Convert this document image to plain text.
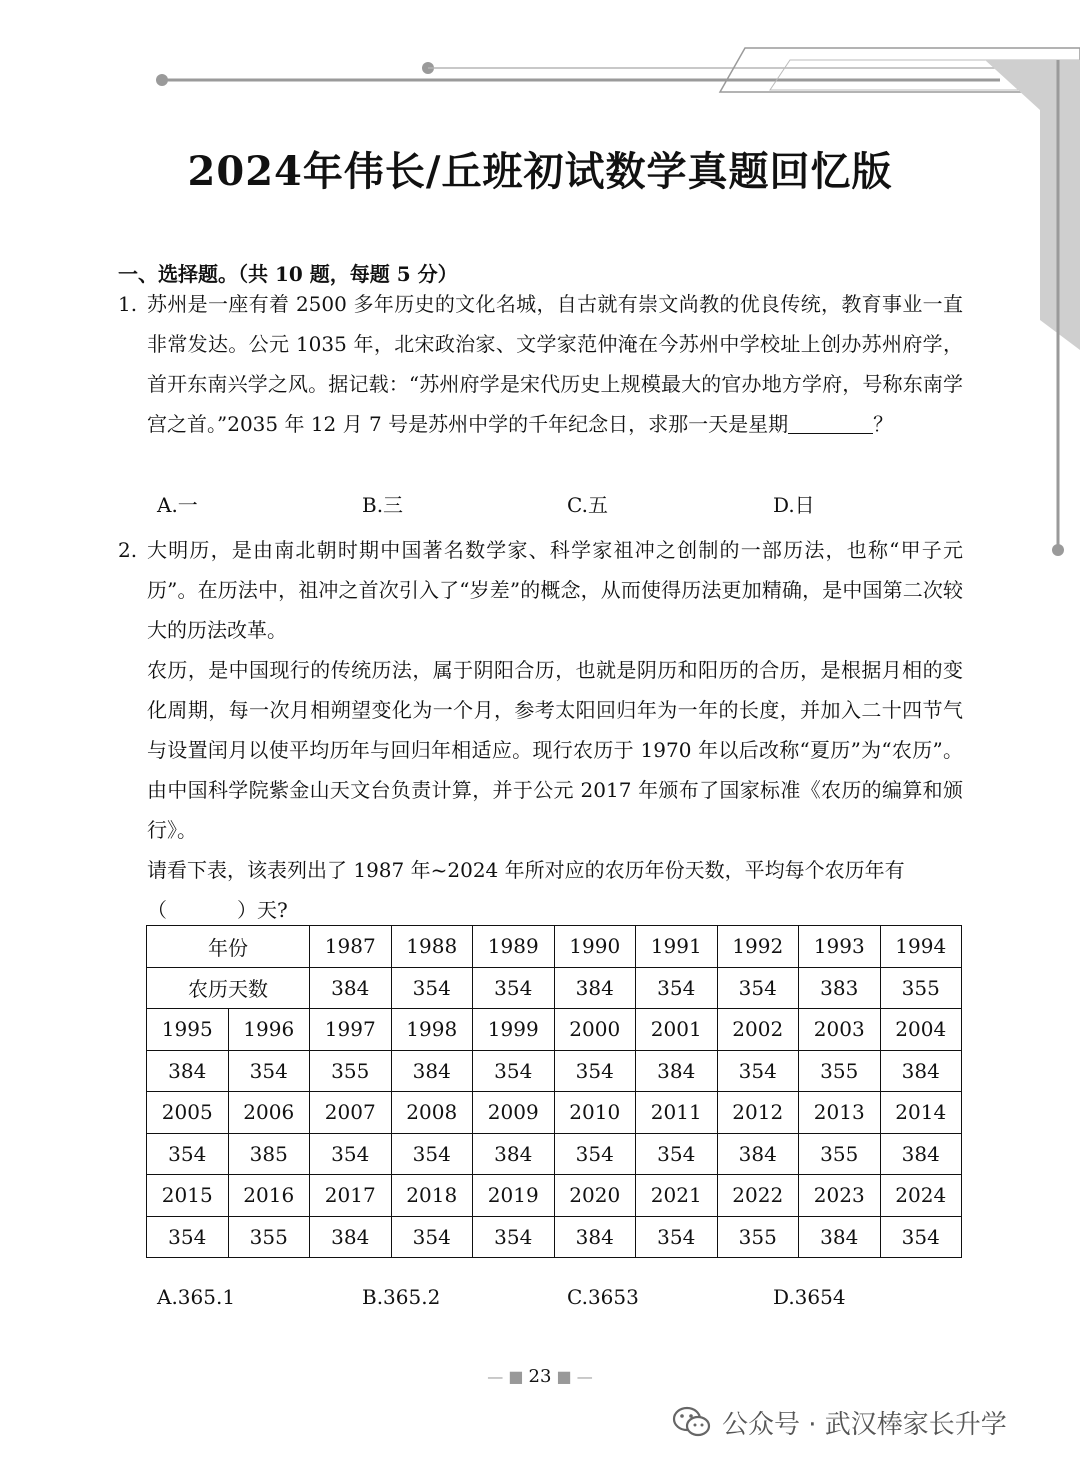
2024年伟长/丘班初试数学真题回忆版
一、选择题。（共 10 题，每题 5 分）
1. 苏州是一座有着 2500 多年历史的文化名城，自古就有崇文尚教的优良传统，教育事业一直非常发达。公元 1035 年，北宋政治家、文学家范仲淹在今苏州中学校址上创办苏州府学，首开东南兴学之风。据记载：“苏州府学是宋代历史上规模最大的官办地方学府，号称东南学宫之首。”2035 年 12 月 7 号是苏州中学的千年纪念日，求那一天是星期	？
A.一	B.三	C.五	D.日
2. 大明历，是由南北朝时期中国著名数学家、科学家祖冲之创制的一部历法，也称“甲子元历”。在历法中，祖冲之首次引入了“岁差”的概念，从而使得历法更加精确，是中国第二次较大的历法改革。

农历，是中国现行的传统历法，属于阴阳合历，也就是阴历和阳历的合历，是根据月相的变化周期，每一次月相朔望变化为一个月，参考太阳回归年为一年的长度，并加入二十四节气与设置闰月以使平均历年与回归年相适应。现行农历于 1970 年以后改称“夏历”为“农历”。由中国科学院紫金山天文台负责计算，并于公元 2017 年颁布了国家标准《农历的编算和颁行》。

请看下表，该表列出了 1987 年~2024 年所对应的农历年份天数，平均每个农历年有
（	）天?

年份		1987	1988	1989	1990	1991	1992	1993	1994
农历天数		384	354	354	384	354	354	383	355
1995	1996	1997	1998	1999	2000	2001	2002	2003	2004
384	354	355	384	354	354	384	354	355	384
2005	2006	2007	2008	2009	2010	2011	2012	2013	2014
354	385	354	354	384	354	354	384	355	384
2015	2016	2017	2018	2019	2020	2021	2022	2023	2024
354	355	384	354	354	384	354	355	384	354
A.365.1	B.365.2	C.3653	D.3654
— ■ 23 ■ —
公众号 · 武汉棒家长升学
